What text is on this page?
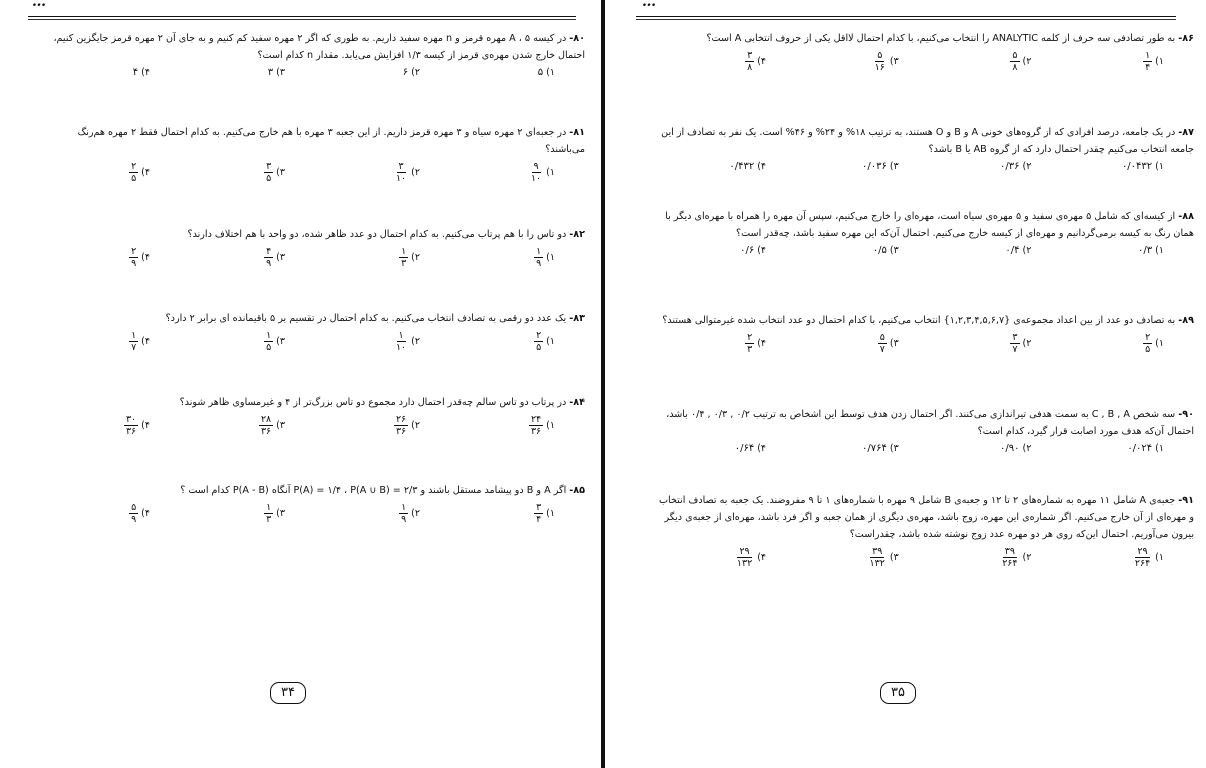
…
۸۰- در کیسه A ، ۵ مهره قرمز و n مهره سفید داریم. به طوری که اگر ۲ مهره سفید کم کنیم و به جای آن ۲ مهره قرمز جایگزین کنیم، احتمال خارج شدن مهره‌ی قرمز از کیسه ۱/۳ افزایش می‌یابد. مقدار n کدام است؟
۱)
۵
۲)
۶
۳)
۳
۴)
۴
۸۱- در جعبه‌ای ۲ مهره سیاه و ۳ مهره قرمز داریم. از این جعبه ۳ مهره با هم خارج می‌کنیم. به کدام احتمال فقط ۲ مهره هم‌رنگ می‌باشند؟
۱)
$\frac{۹}{۱۰}$
۲)
$\frac{۳}{۱۰}$
۳)
$\frac{۳}{۵}$
۴)
$\frac{۲}{۵}$
۸۲- دو تاس را با هم پرتاب می‌کنیم. به کدام احتمال دو عدد ظاهر شده، دو واحد با هم اختلاف دارند؟
۱)
$\frac{۱}{۹}$
۲)
$\frac{۱}{۳}$
۳)
$\frac{۴}{۹}$
۴)
$\frac{۲}{۹}$
۸۳- یک عدد دو رقمی به تصادف انتخاب می‌کنیم. به کدام احتمال در تقسیم بر ۵ باقیمانده ای برابر ۲ دارد؟
۱)
$\frac{۲}{۵}$
۲)
$\frac{۱}{۱۰}$
۳)
$\frac{۱}{۵}$
۴)
$\frac{۱}{۷}$
۸۴- در پرتاب دو تاس سالم چه‌قدر احتمال دارد مجموع دو تاس بزرگ‌تر از ۴ و غیرمساوی ظاهر شوند؟
۱)
$\frac{۲۴}{۳۶}$
۲)
$\frac{۲۶}{۳۶}$
۳)
$\frac{۲۸}{۳۶}$
۴)
$\frac{۳۰}{۳۶}$
۸۵- اگر A و B دو پیشامد مستقل باشند و P(A) = ۱/۴ ، P(A ∪ B) = ۲/۳ آنگاه P(A - B) کدام است ؟
۱)
$\frac{۳}{۴}$
۲)
$\frac{۱}{۹}$
۳)
$\frac{۱}{۳}$
۴)
$\frac{۵}{۹}$
۳۴
…
۸۶- به طور تصادفی سه حرف از کلمه ANALYTIC را انتخاب می‌کنیم، با کدام احتمال لااقل یکی از حروف انتخابی A است؟
۱)
$\frac{۱}{۴}$
۲)
$\frac{۵}{۸}$
۳)
$\frac{۵}{۱۶}$
۴)
$\frac{۳}{۸}$
۸۷- در یک جامعه، درصد افرادی که از گروه‌های خونی A و B و O هستند، به ترتیب ۱۸% و ۲۴% و ۴۶% است. یک نفر به تصادف از این جامعه انتخاب می‌کنیم چقدر احتمال دارد که از گروه AB یا B باشد؟
۱)
۰/۰۴۳۲
۲)
۰/۳۶
۳)
۰/۰۳۶
۴)
۰/۴۳۲
۸۸- از کیسه‌ای که شامل ۵ مهره‌ی سفید و ۵ مهره‌ی سیاه است، مهره‌ای را خارج می‌کنیم، سپس آن مهره را همراه با مهره‌ای دیگر با همان رنگ به کیسه برمی‌گردانیم و مهره‌ای از کیسه خارج می‌کنیم. احتمال آن‌که این مهره سفید باشد، چه‌قدر است؟
۱)
۰/۳
۲)
۰/۴
۳)
۰/۵
۴)
۰/۶
۸۹- به تصادف دو عدد از بین اعداد مجموعه‌ی {۱,۲,۳,۴,۵,۶,۷} انتخاب می‌کنیم، با کدام احتمال دو عدد انتخاب شده غیرمتوالی هستند؟
۱)
$\frac{۲}{۵}$
۲)
$\frac{۳}{۷}$
۳)
$\frac{۵}{۷}$
۴)
$\frac{۲}{۳}$
۹۰- سه شخص C , B , A به سمت هدفی تیراندازی می‌کنند. اگر احتمال زدن هدف توسط این اشخاص به ترتیب ۰/۲ , ۰/۳ , ۰/۴ باشد، احتمال آن‌که هدف مورد اصابت قرار گیرد، کدام است؟
۱)
۰/۰۲۴
۲)
۰/۹۰
۳)
۰/۷۶۴
۴)
۰/۶۴
۹۱- جعبه‌ی A شامل ۱۱ مهره به شماره‌های ۲ تا ۱۲ و جعبه‌ی B شامل ۹ مهره با شماره‌های ۱ تا ۹ مفروضند. یک جعبه به تصادف انتخاب و مهره‌ای از آن خارج می‌کنیم. اگر شماره‌ی این مهره، زوج باشد، مهره‌ی دیگری از همان جعبه و اگر فرد باشد، مهره‌ای از جعبه‌ی دیگر بیرون می‌آوریم. احتمال این‌که روی هر دو مهره عدد زوج نوشته شده باشد، چقدراست؟
۱)
$\frac{۲۹}{۲۶۴}$
۲)
$\frac{۳۹}{۲۶۴}$
۳)
$\frac{۳۹}{۱۳۲}$
۴)
$\frac{۲۹}{۱۳۲}$
۳۵
